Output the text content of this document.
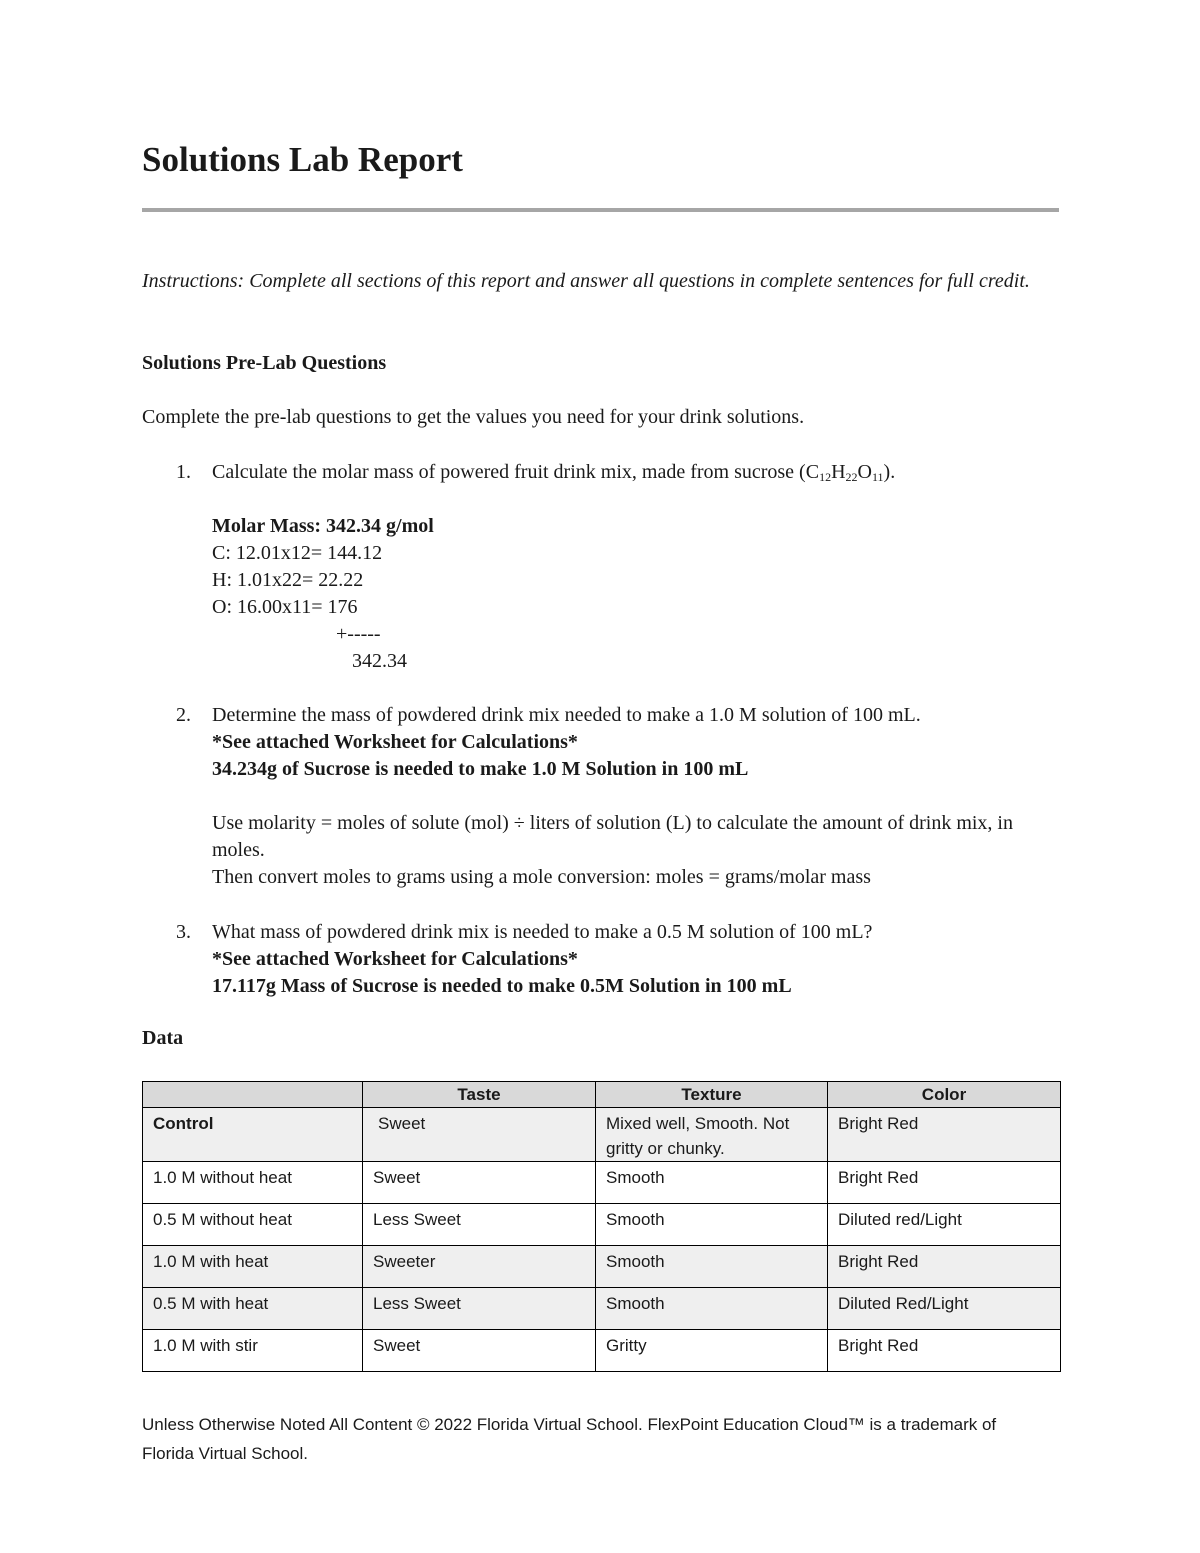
Solutions Lab Report
Instructions: Complete all sections of this report and answer all questions in complete sentences for full credit.
Solutions Pre-Lab Questions
Complete the pre-lab questions to get the values you need for your drink solutions.
1. Calculate the molar mass of powered fruit drink mix, made from sucrose $(C_{12}H_{22}O_{11})$.
Molar Mass: 342.34 g/mol
C: 12.01x12= 144.12
H: 1.01x22= 22.22
O: 16.00x11= 176
+-----
342.34
2. Determine the mass of powdered drink mix needed to make a 1.0 M solution of 100 mL.
*See attached Worksheet for Calculations*
34.234g of Sucrose is needed to make 1.0 M Solution in 100 mL
Use molarity = moles of solute (mol) ÷ liters of solution (L) to calculate the amount of drink mix, in moles.
Then convert moles to grams using a mole conversion: moles = grams/molar mass
3. What mass of powdered drink mix is needed to make a 0.5 M solution of 100 mL?
*See attached Worksheet for Calculations*
17.117g Mass of Sucrose is needed to make 0.5M Solution in 100 mL
Data
	Taste	Texture	Color
Control	Sweet	Mixed well, Smooth. Not gritty or chunky.	Bright Red
1.0 M without heat	Sweet	Smooth	Bright Red
0.5 M without heat	Less Sweet	Smooth	Diluted red/Light
1.0 M with heat	Sweeter	Smooth	Bright Red
0.5 M with heat	Less Sweet	Smooth	Diluted Red/Light
1.0 M with stir	Sweet	Gritty	Bright Red
Unless Otherwise Noted All Content © 2022 Florida Virtual School. FlexPoint Education Cloud™ is a trademark of Florida Virtual School.
